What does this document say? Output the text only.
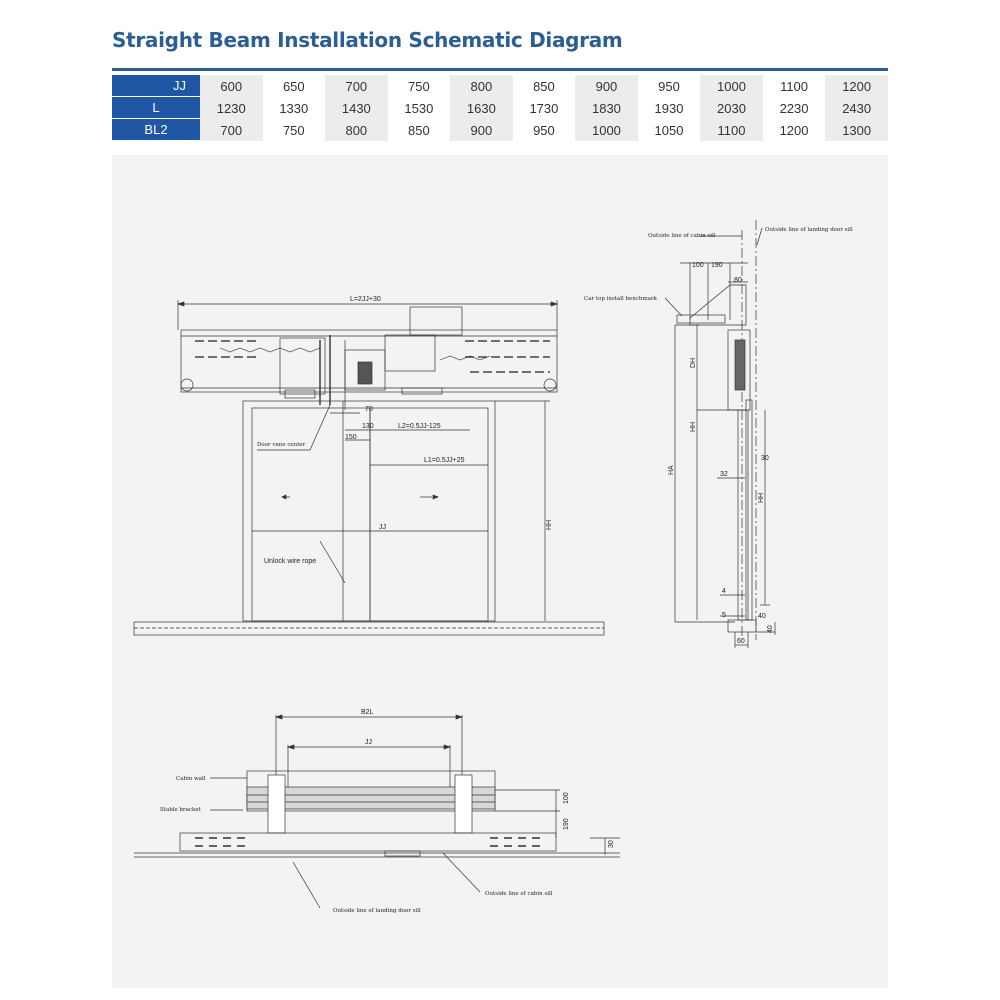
Straight Beam Installation Schematic Diagram
JJ	600	650	700	750	800	850	900	950	1000	1100	1200
L	1230	1330	1430	1530	1630	1730	1830	1930	2030	2230	2430
BL2	700	750	800	850	900	950	1000	1050	1100	1200	1300
L=2JJ+30
150
130
70
L2=0.5JJ-125
L1=0.5JJ+25
JJ	HH
Door vane center
Unlock wire rope
Outside line of cabin sill
Outside line of landing door sill
Car top install benchmark
100 190
80
DH
HH
HA
30
32
HH
4
5	40
60
40
B2L
JJ
Cabin wall
Stable bracket
100
190
30
Outside line of cabin sill
Outside line of landing door sill
